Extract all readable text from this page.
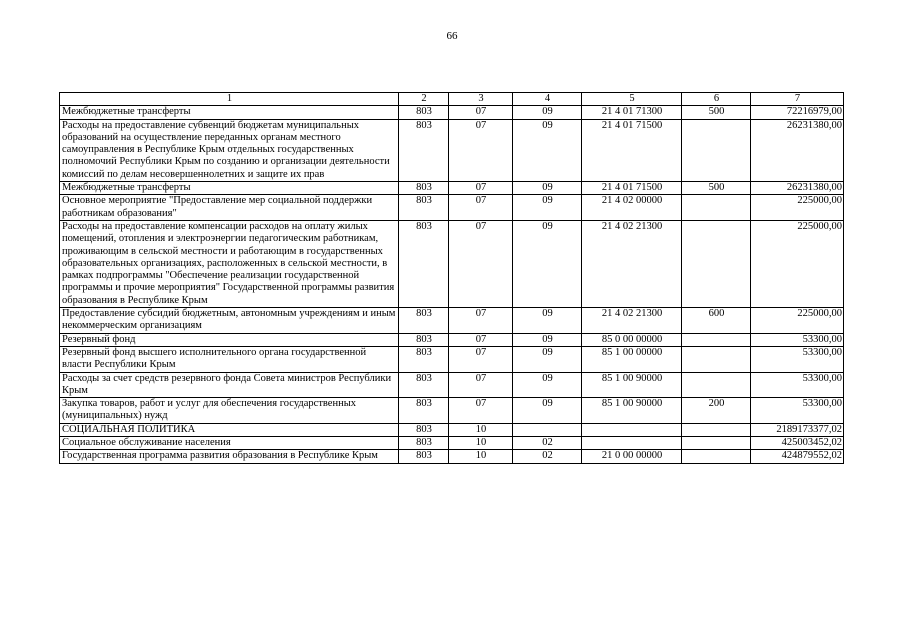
66
1	2	3	4	5	6	7
Межбюджетные трансферты	803	07	09	21 4 01 71300	500	72216979,00
Расходы на предоставление субвенций бюджетам муниципальных образований на осуществление переданных органам местного самоуправления в Республике Крым отдельных государственных полномочий Республики Крым по созданию и организации деятельности комиссий по делам несовершеннолетних и защите их прав	803	07	09	21 4 01 71500		26231380,00
Межбюджетные трансферты	803	07	09	21 4 01 71500	500	26231380,00
Основное мероприятие "Предоставление мер социальной поддержки работникам образования"	803	07	09	21 4 02 00000		225000,00
Расходы на предоставление компенсации расходов на оплату жилых помещений, отопления и электроэнергии педагогическим работникам, проживающим в сельской местности и работающим в государственных образовательных организациях, расположенных в сельской местности, в рамках подпрограммы "Обеспечение реализации государственной программы и прочие мероприятия" Государственной программы развития образования в Республике Крым	803	07	09	21 4 02 21300		225000,00
Предоставление субсидий бюджетным, автономным учреждениям и иным некоммерческим организациям	803	07	09	21 4 02 21300	600	225000,00
Резервный фонд	803	07	09	85 0 00 00000		53300,00
Резервный фонд высшего исполнительного органа государственной власти Республики Крым	803	07	09	85 1 00 00000		53300,00
Расходы за счет средств резервного фонда Совета министров Республики Крым	803	07	09	85 1 00 90000		53300,00
Закупка товаров, работ и услуг для обеспечения государственных (муниципальных) нужд	803	07	09	85 1 00 90000	200	53300,00
СОЦИАЛЬНАЯ ПОЛИТИКА	803	10				2189173377,02
Социальное обслуживание населения	803	10	02			425003452,02
Государственная программа развития образования в Республике Крым	803	10	02	21 0 00 00000		424879552,02
